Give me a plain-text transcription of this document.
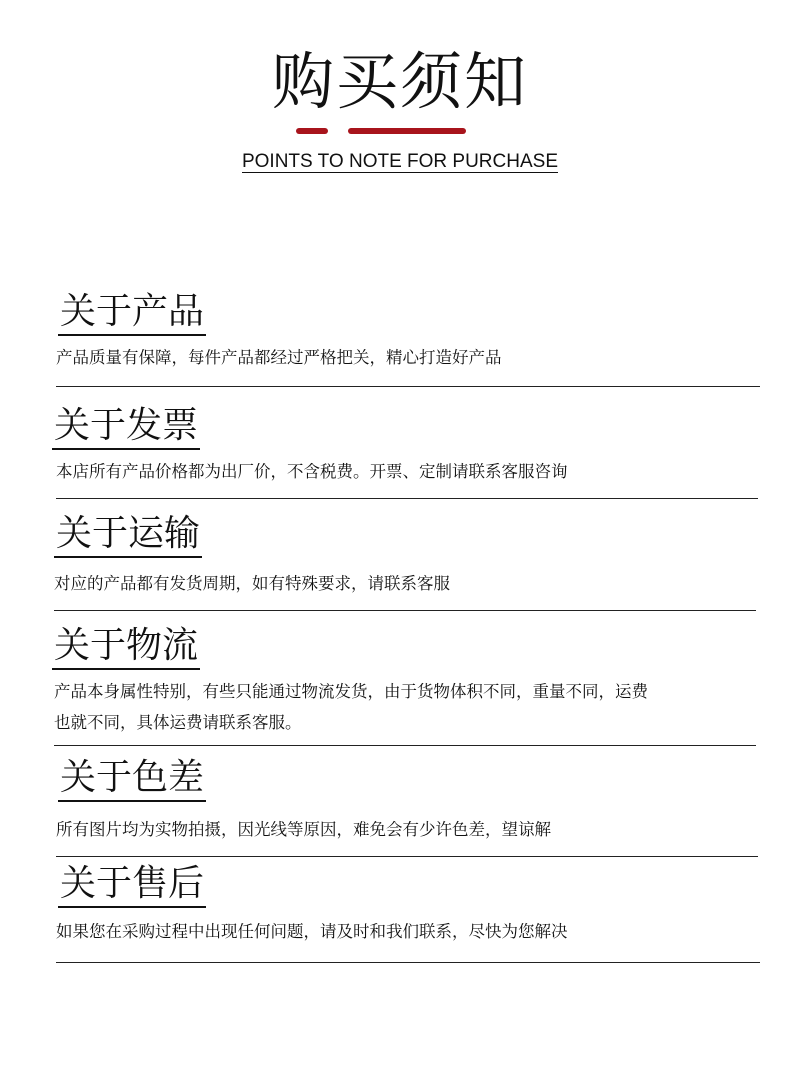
购买须知
POINTS TO NOTE FOR PURCHASE
关于产品
产品质量有保障，每件产品都经过严格把关，精心打造好产品
关于发票
本店所有产品价格都为出厂价，不含税费。开票、定制请联系客服咨询
关于运输
对应的产品都有发货周期，如有特殊要求，请联系客服
关于物流
产品本身属性特别，有些只能通过物流发货，由于货物体积不同，重量不同，运费
也就不同，具体运费请联系客服。
关于色差
所有图片均为实物拍摄，因光线等原因，难免会有少许色差，望谅解
关于售后
如果您在采购过程中出现任何问题，请及时和我们联系，尽快为您解决
